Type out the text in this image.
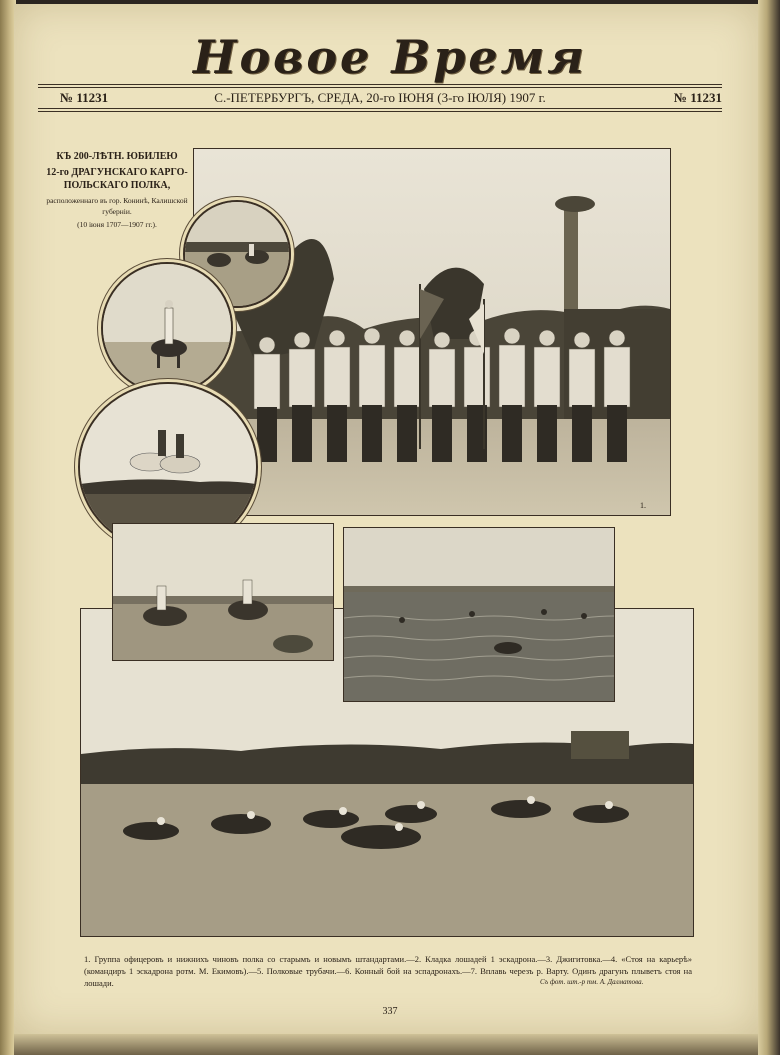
Новое Время
№ 11231	С.-ПЕТЕРБУРГЪ, СРЕДА, 20-го ІЮНЯ (3-го ІЮЛЯ) 1907 г.	№ 11231
КЪ 200-ЛѢТН. ЮБИЛЕЮ
12-го ДРАГУНСКАГО КАРГО-ПОЛЬСКАГО ПОЛКА,
расположеннаго въ гор. Конинѣ, Калишской губерніи.
(10 іюня 1707—1907 гг.).
1.
1. Группа офицеровъ и нижнихъ чиновъ полка со старымъ и новымъ штандартами.—2. Кладка лошадей 1 эскадрона.—3. Джигитовка.—4. «Стоя на карьерѣ» (командиръ 1 эскадрона ротм. М. Екимовъ).—5. Полковые трубачи.—6. Конный бой на эспадронахъ.—7. Вплавь черезъ р. Варту. Одинъ драгунъ плыветъ стоя на лошади.	Съ фот. шт.-р тм. А. Далматова.
337
